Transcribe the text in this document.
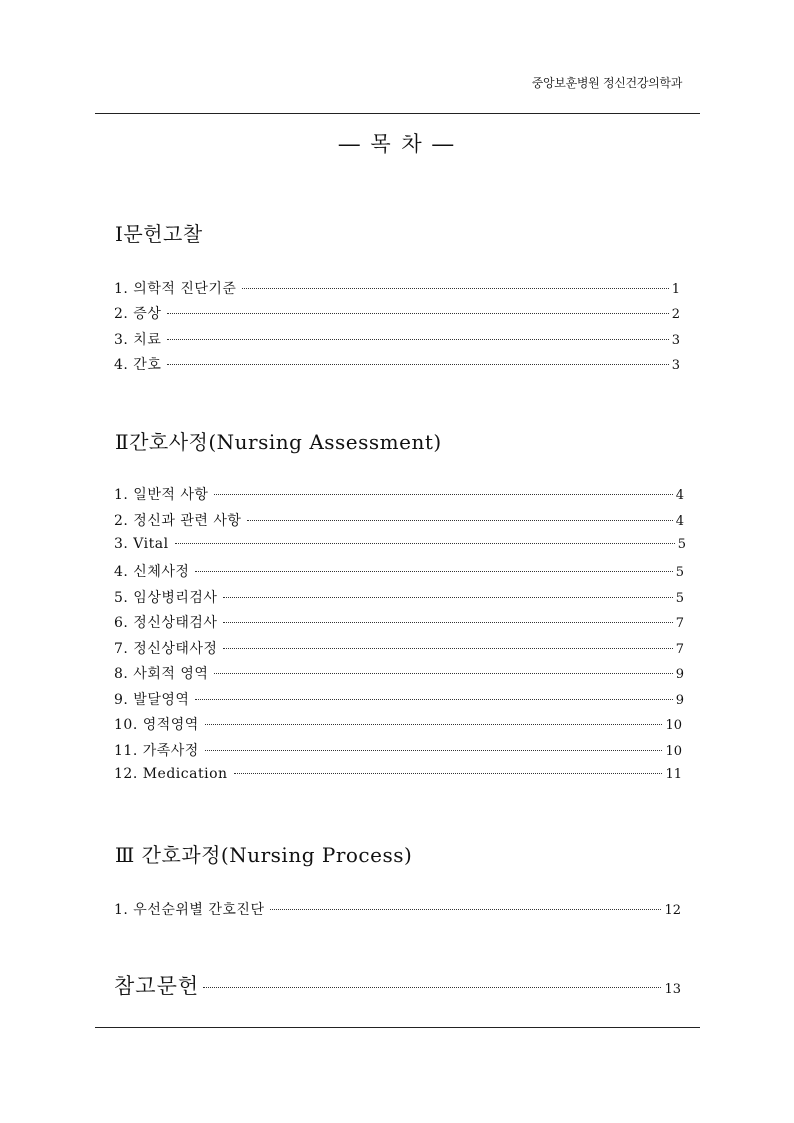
중앙보훈병원 정신건강의학과
― 목 차 ―
Ⅰ문헌고찰
1. 의학적 진단기준	1
2. 증상	2
3. 치료	3
4. 간호	3
Ⅱ간호사정(Nursing Assessment)
1. 일반적 사항	4
2. 정신과 관련 사항	4
3. Vital	5
4. 신체사정	5
5. 임상병리검사	5
6. 정신상태검사	7
7. 정신상태사정	7
8. 사회적 영역	9
9. 발달영역	9
10. 영적영역	10
11. 가족사정	10
12. Medication	11
Ⅲ 간호과정(Nursing Process)
1. 우선순위별 간호진단	12
참고문헌	13
